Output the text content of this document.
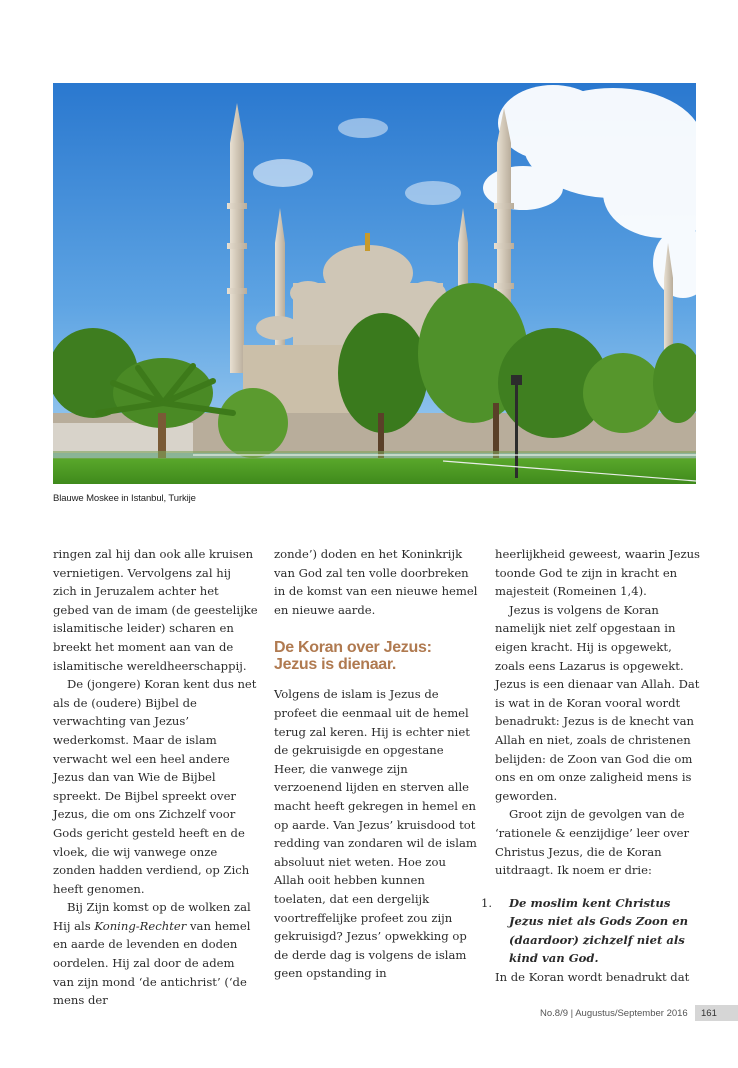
Blauwe Moskee in Istanbul, Turkije

ringen zal hij dan ook alle kruisen vernietigen. Vervolgens zal hij zich in Jeruzalem achter het gebed van de imam (de geestelijke islamitische leider) scharen en breekt het moment aan van de islamitische wereldheerschappij.

De (jongere) Koran kent dus net als de (oudere) Bijbel de verwachting van Jezus’ wederkomst. Maar de islam verwacht wel een heel andere Jezus dan van Wie de Bijbel spreekt. De Bijbel spreekt over Jezus, die om ons Zichzelf voor Gods gericht gesteld heeft en de vloek, die wij vanwege onze zonden hadden verdiend, op Zich heeft genomen.

Bij Zijn komst op de wolken zal Hij als Koning-Rechter van hemel en aarde de levenden en doden oordelen. Hij zal door de adem van zijn mond ‘de antichrist’ (‘de mens der

zonde’) doden en het Koninkrijk van God zal ten volle doorbreken in de komst van een nieuwe hemel en nieuwe aarde.

De Koran over Jezus:
Jezus is dienaar.

Volgens de islam is Jezus de profeet die eenmaal uit de hemel terug zal keren. Hij is echter niet de gekruisigde en opgestane Heer, die vanwege zijn verzoenend lijden en sterven alle macht heeft gekregen in hemel en op aarde. Van Jezus’ kruisdood tot redding van zondaren wil de islam absoluut niet weten. Hoe zou Allah ooit hebben kunnen toelaten, dat een dergelijk voortreffelijke profeet zou zijn gekruisigd? Jezus’ opwekking op de derde dag is volgens de islam geen opstanding in

heerlijkheid geweest, waarin Jezus toonde God te zijn in kracht en majesteit (Romeinen 1,4).

Jezus is volgens de Koran namelijk niet zelf opgestaan in eigen kracht. Hij is opgewekt, zoals eens Lazarus is opgewekt. Jezus is een dienaar van Allah. Dat is wat in de Koran vooral wordt benadrukt: Jezus is de knecht van Allah en niet, zoals de christenen belijden: de Zoon van God die om ons en om onze zaligheid mens is geworden.

Groot zijn de gevolgen van de ‘rationele & eenzijdige’ leer over Christus Jezus, die de Koran uitdraagt. Ik noem er drie:

1. De moslim kent Christus Jezus niet als Gods Zoon en (daardoor) zichzelf niet als kind van God.

In de Koran wordt benadrukt dat

No.8/9 | Augustus/September 2016	161
